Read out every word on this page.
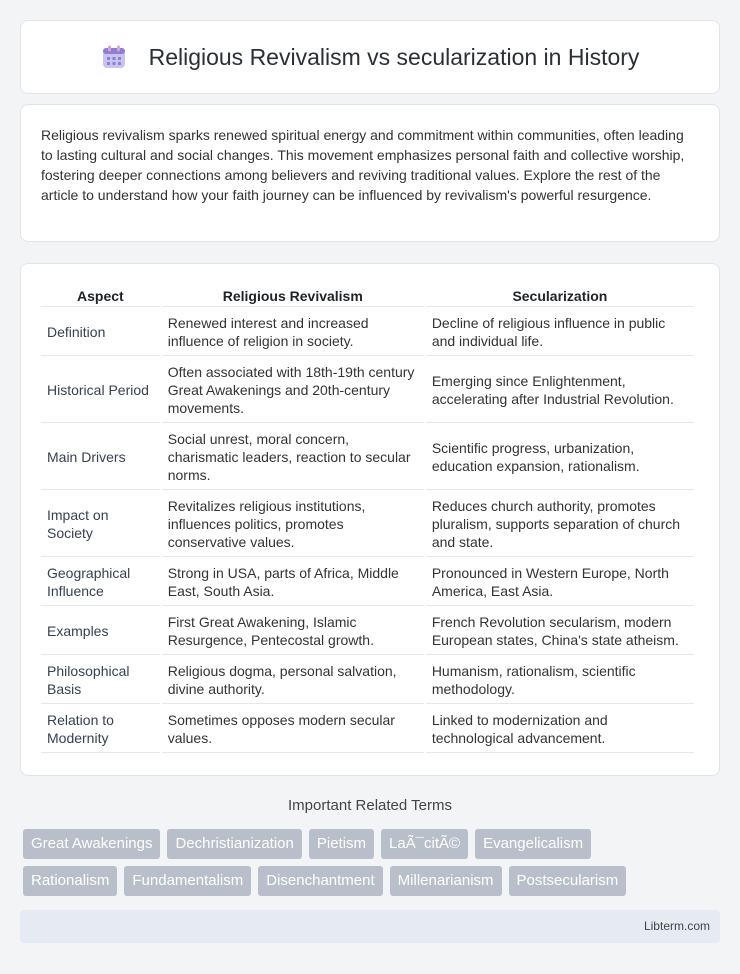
Religious Revivalism vs secularization in History

Religious revivalism sparks renewed spiritual energy and commitment within communities, often leading to lasting cultural and social changes. This movement emphasizes personal faith and collective worship, fostering deeper connections among believers and reviving traditional values. Explore the rest of the article to understand how your faith journey can be influenced by revivalism's powerful resurgence.

Aspect	Religious Revivalism	Secularization
Definition	Renewed interest and increased influence of religion in society.	Decline of religious influence in public and individual life.
Historical Period	Often associated with 18th-19th century Great Awakenings and 20th-century movements.	Emerging since Enlightenment, accelerating after Industrial Revolution.
Main Drivers	Social unrest, moral concern, charismatic leaders, reaction to secular norms.	Scientific progress, urbanization, education expansion, rationalism.
Impact on Society	Revitalizes religious institutions, influences politics, promotes conservative values.	Reduces church authority, promotes pluralism, supports separation of church and state.
Geographical Influence	Strong in USA, parts of Africa, Middle East, South Asia.	Pronounced in Western Europe, North America, East Asia.
Examples	First Great Awakening, Islamic Resurgence, Pentecostal growth.	French Revolution secularism, modern European states, China's state atheism.
Philosophical Basis	Religious dogma, personal salvation, divine authority.	Humanism, rationalism, scientific methodology.
Relation to Modernity	Sometimes opposes modern secular values.	Linked to modernization and technological advancement.
Important Related Terms
Great Awakenings	Dechristianization	Pietism	LaÃ¯citÃ©	Evangelicalism
Rationalism	Fundamentalism	Disenchantment	Millenarianism	Postsecularism
Libterm.com
